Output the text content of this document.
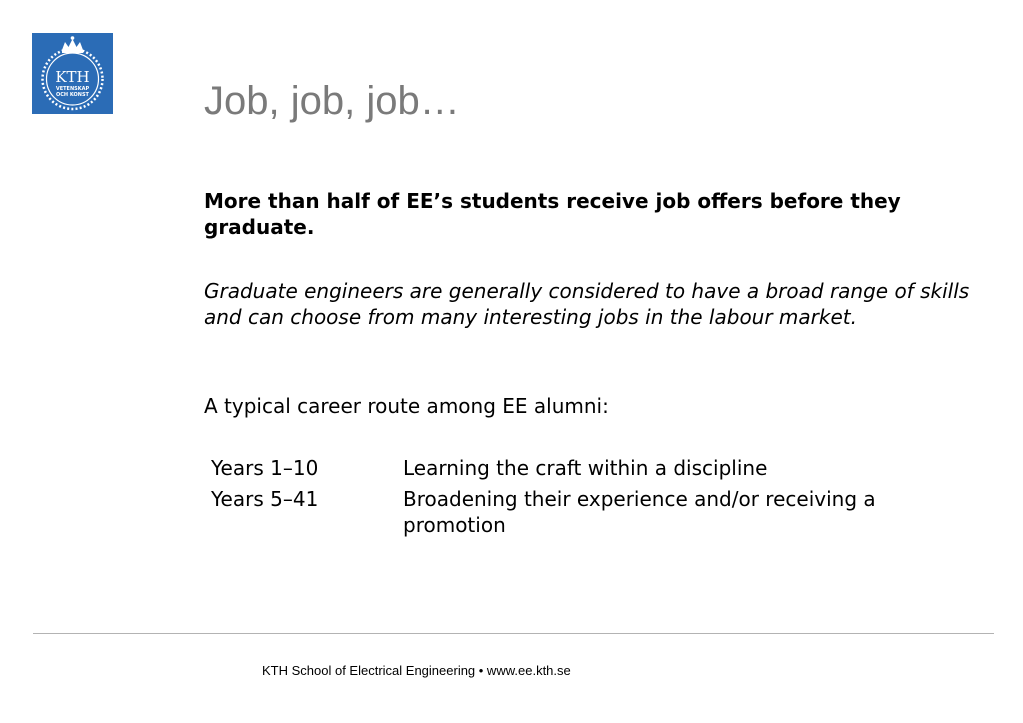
KTH
VETENSKAP
OCH KONST	Job, job, job…

More than half of EE’s students receive job offers before they graduate.

Graduate engineers are generally considered to have a broad range of skills and can choose from many interesting jobs in the labour market.

A typical career route among EE alumni:

Years 1–10	Learning the craft within a discipline
Years 5–41	Broadening their experience and/or receiving a promotion

KTH School of Electrical Engineering • www.ee.kth.se
